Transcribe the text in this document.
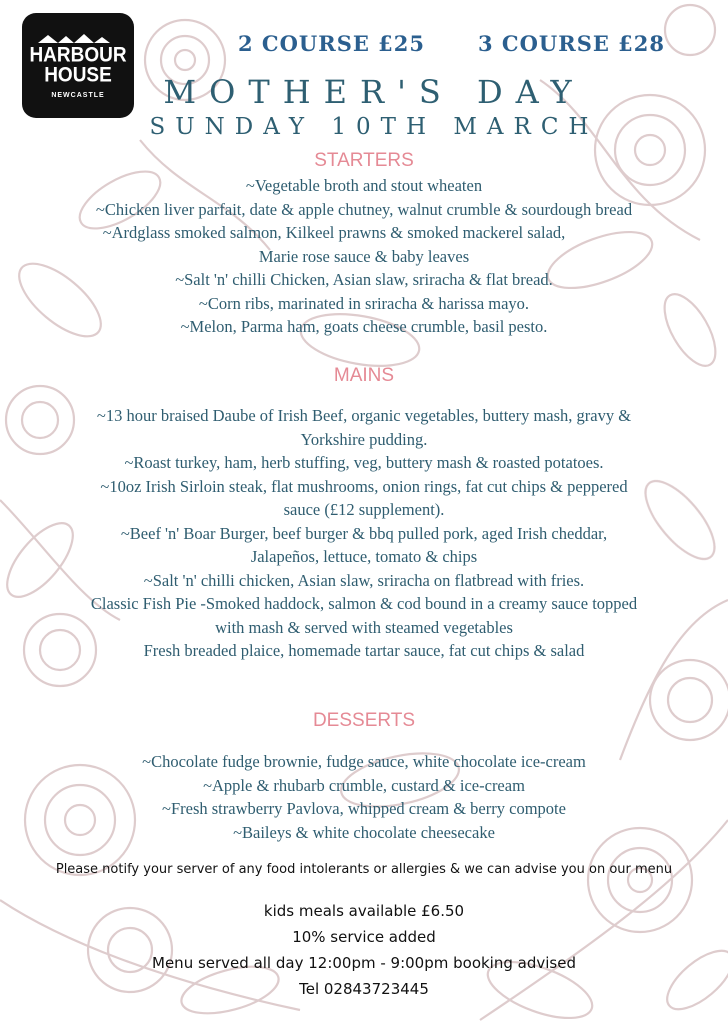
HARBOUR
HOUSE
NEWCASTLE
2 COURSE £25	3 COURSE £28
MOTHER'S DAY
SUNDAY 10TH MARCH
STARTERS
~Vegetable broth and stout wheaten
~Chicken liver parfait, date & apple chutney, walnut crumble & sourdough bread
~Ardglass smoked salmon, Kilkeel prawns & smoked mackerel salad,
Marie rose sauce & baby leaves
~Salt 'n' chilli Chicken, Asian slaw, sriracha & flat bread.
~Corn ribs, marinated in sriracha & harissa mayo.
~Melon, Parma ham, goats cheese crumble, basil pesto.
MAINS
~13 hour braised Daube of Irish Beef, organic vegetables, buttery mash, gravy &
Yorkshire pudding.
~Roast turkey, ham, herb stuffing, veg, buttery mash & roasted potatoes.
~10oz Irish Sirloin steak, flat mushrooms, onion rings, fat cut chips & peppered
sauce (£12 supplement).
~Beef 'n' Boar Burger, beef burger & bbq pulled pork, aged Irish cheddar,
Jalapeños, lettuce, tomato & chips
~Salt 'n' chilli chicken, Asian slaw, sriracha on flatbread with fries.
Classic Fish Pie -Smoked haddock, salmon & cod bound in a creamy sauce topped
with mash & served with steamed vegetables
Fresh breaded plaice, homemade tartar sauce, fat cut chips & salad
DESSERTS
~Chocolate fudge brownie, fudge sauce, white chocolate ice-cream
~Apple & rhubarb crumble, custard & ice-cream
~Fresh strawberry Pavlova, whipped cream & berry compote
~Baileys & white chocolate cheesecake
Please notify your server of any food intolerants or allergies & we can advise you on our menu
kids meals available £6.50
10% service added
Menu served all day 12:00pm - 9:00pm booking advised
Tel 02843723445
